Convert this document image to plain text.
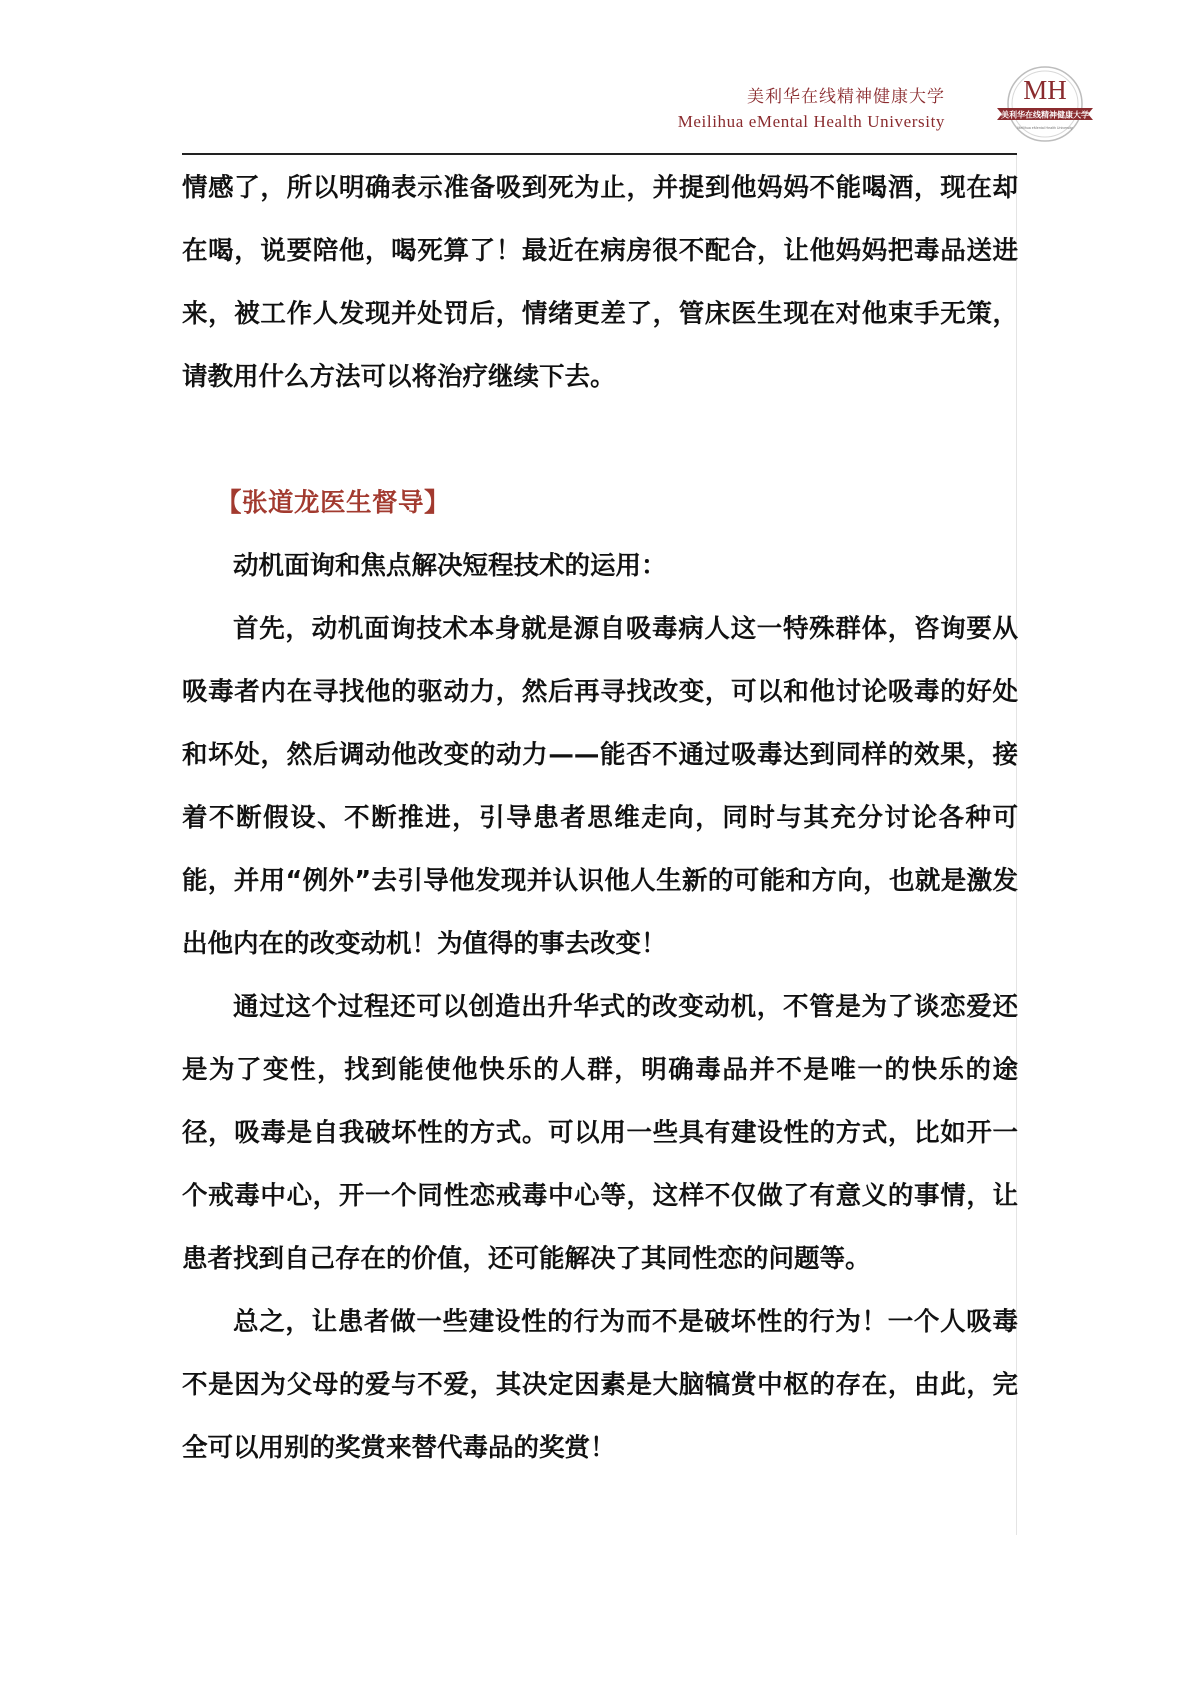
美利华在线精神健康大学
Meilihua eMental Health University
MH
美利华在线精神健康大学
Meilihua eMental Health University

情感了，所以明确表示准备吸到死为止，并提到他妈妈不能喝酒，现在却在喝，说要陪他，喝死算了！最近在病房很不配合，让他妈妈把毒品送进来，被工作人发现并处罚后，情绪更差了，管床医生现在对他束手无策，请教用什么方法可以将治疗继续下去。

【张道龙医生督导】

动机面询和焦点解决短程技术的运用：

首先，动机面询技术本身就是源自吸毒病人这一特殊群体，咨询要从吸毒者内在寻找他的驱动力，然后再寻找改变，可以和他讨论吸毒的好处和坏处，然后调动他改变的动力——能否不通过吸毒达到同样的效果，接着不断假设、不断推进，引导患者思维走向，同时与其充分讨论各种可能，并用“例外”去引导他发现并认识他人生新的可能和方向，也就是激发出他内在的改变动机！为值得的事去改变！

通过这个过程还可以创造出升华式的改变动机，不管是为了谈恋爱还是为了变性，找到能使他快乐的人群，明确毒品并不是唯一的快乐的途径，吸毒是自我破坏性的方式。可以用一些具有建设性的方式，比如开一个戒毒中心，开一个同性恋戒毒中心等，这样不仅做了有意义的事情，让患者找到自己存在的价值，还可能解决了其同性恋的问题等。

总之，让患者做一些建设性的行为而不是破坏性的行为！一个人吸毒不是因为父母的爱与不爱，其决定因素是大脑犒赏中枢的存在，由此，完全可以用别的奖赏来替代毒品的奖赏！
